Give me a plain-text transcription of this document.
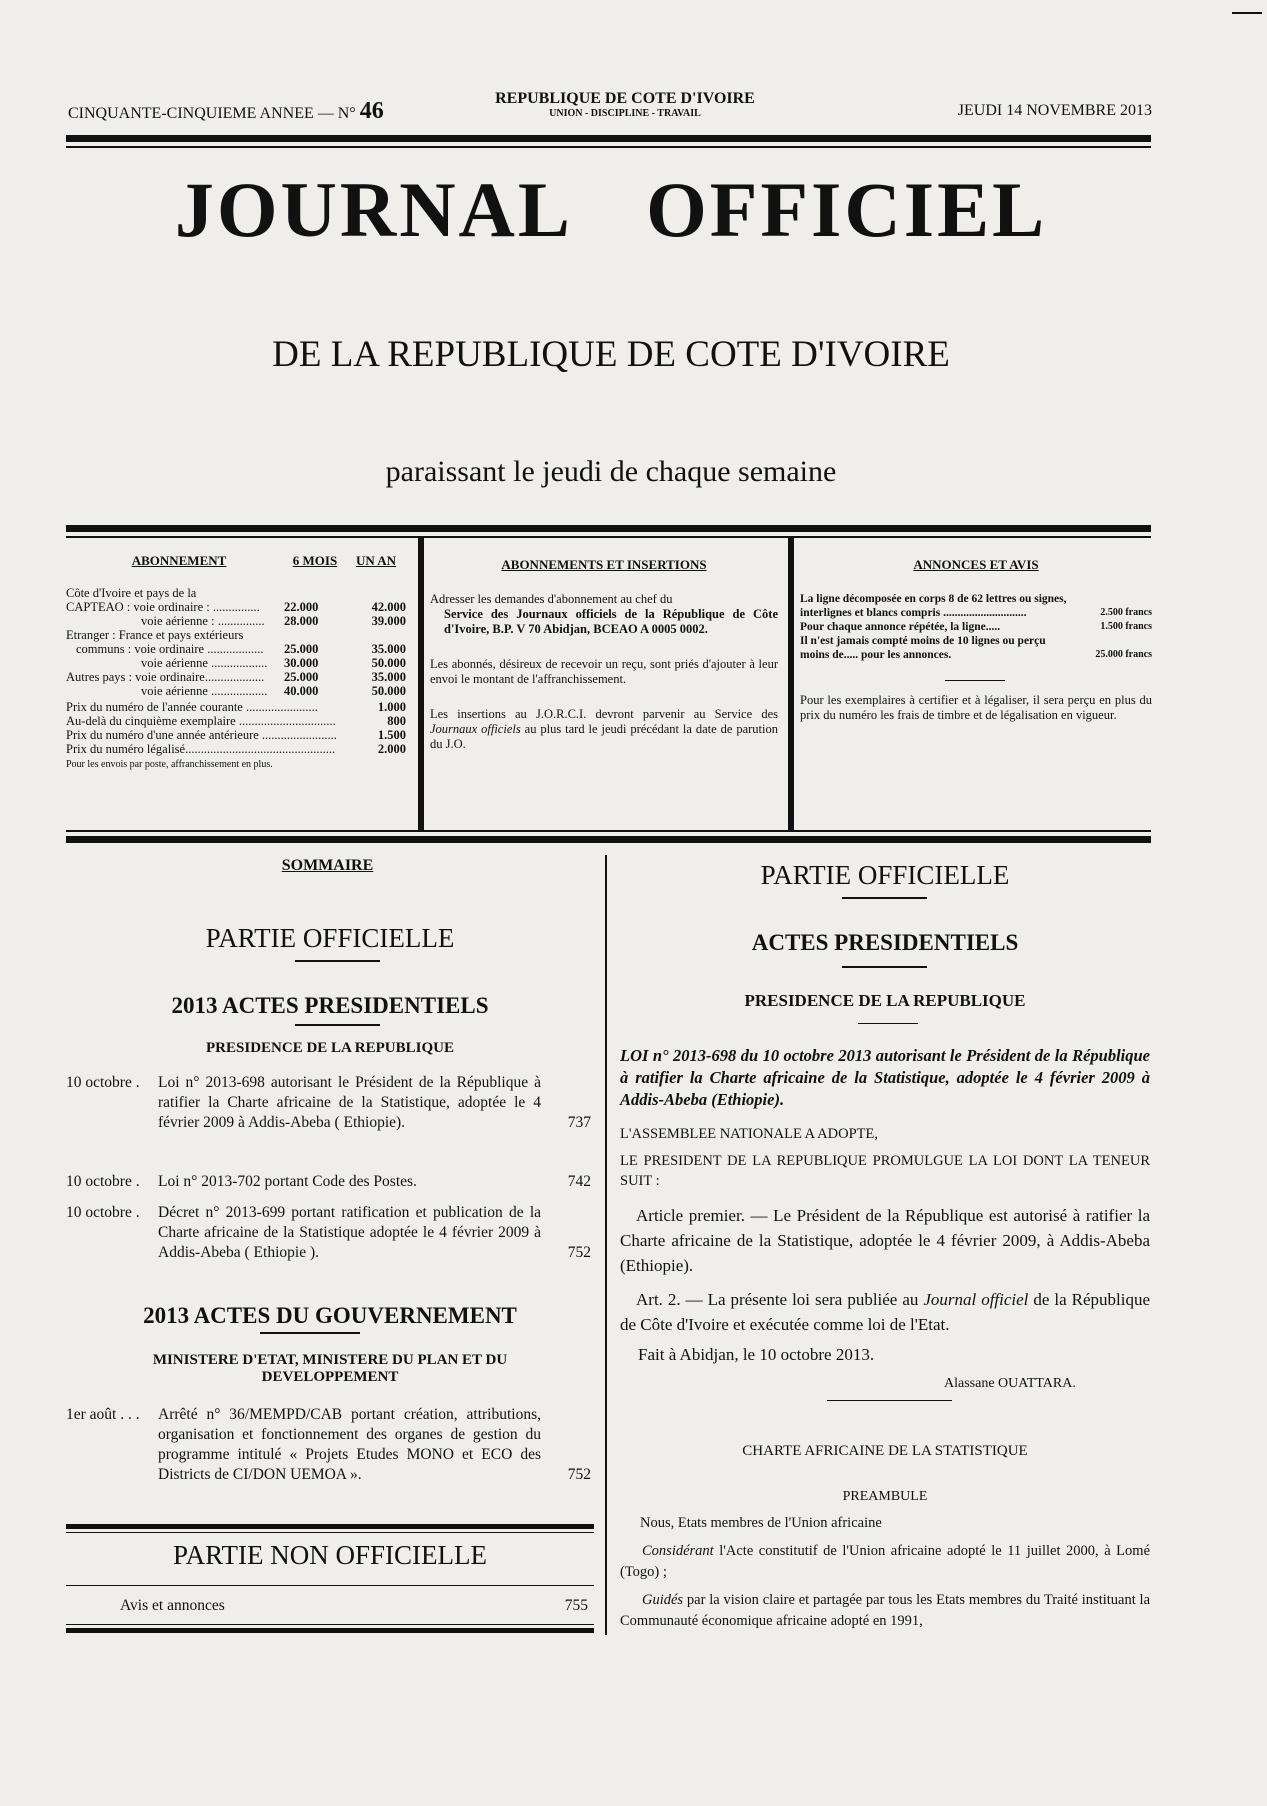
CINQUANTE-CINQUIEME ANNEE — N° 46	REPUBLIQUE DE COTE D'IVOIRE
UNION - DISCIPLINE - TRAVAIL	JEUDI 14 NOVEMBRE 2013
JOURNAL OFFICIEL
DE LA REPUBLIQUE DE COTE D'IVOIRE
paraissant le jeudi de chaque semaine
ABONNEMENT	6 MOIS	UN AN
Côte d'Ivoire et pays de la
CAPTEAO : voie ordinaire : ...............	22.000	42.000
voie aérienne : ...............	28.000	39.000
Etranger : France et pays extérieurs
communs : voie ordinaire ..................	25.000	35.000
voie aérienne ..................	30.000	50.000
Autres pays : voie ordinaire...................	25.000	35.000
voie aérienne ..................	40.000	50.000
Prix du numéro de l'année courante .......................	1.000
Au-delà du cinquième exemplaire ...............................	800
Prix du numéro d'une année antérieure ........................	1.500
Prix du numéro légalisé................................................	2.000
Pour les envois par poste, affranchissement en plus.
ABONNEMENTS ET INSERTIONS

Adresser les demandes d'abonnement au chef du
Service des Journaux officiels de la République de Côte d'Ivoire, B.P. V 70 Abidjan, BCEAO A 0005 0002.

Les abonnés, désireux de recevoir un reçu, sont priés d'ajouter à leur envoi le montant de l'affranchissement.

Les insertions au J.O.R.C.I. devront parvenir au Service des Journaux officiels au plus tard le jeudi précédant la date de parution du J.O.

ANNONCES ET AVIS
La ligne décomposée en corps 8 de 62 lettres ou signes, interlignes et blancs compris .............................	2.500 francs
Pour chaque annonce répétée, la ligne.....	1.500 francs
Il n'est jamais compté moins de 10 lignes ou perçu moins de..... pour les annonces.	25.000 francs

Pour les exemplaires à certifier et à légaliser, il sera perçu en plus du prix du numéro les frais de timbre et de légalisation en vigueur.

SOMMAIRE
PARTIE OFFICIELLE
2013 ACTES PRESIDENTIELS
PRESIDENCE DE LA REPUBLIQUE
10 octobre .	Loi n° 2013-698 autorisant le Président de la République à ratifier la Charte africaine de la Statistique, adoptée le 4 février 2009 à Addis-Abeba ( Ethiopie).	737
10 octobre .	Loi n° 2013-702 portant Code des Postes.	742
10 octobre .	Décret n° 2013-699 portant ratification et publication de la Charte africaine de la Statistique adoptée le 4 février 2009 à Addis-Abeba ( Ethiopie ).	752
2013 ACTES DU GOUVERNEMENT
MINISTERE D'ETAT, MINISTERE DU PLAN ET DU DEVELOPPEMENT
1er août . . .	Arrêté n° 36/MEMPD/CAB portant création, attributions, organisation et fonctionnement des organes de gestion du programme intitulé « Projets Etudes MONO et ECO des Districts de CI/DON UEMOA ».	752
PARTIE NON OFFICIELLE
Avis et annonces	755
PARTIE OFFICIELLE
ACTES PRESIDENTIELS
PRESIDENCE DE LA REPUBLIQUE
LOI n° 2013-698 du 10 octobre 2013 autorisant le Président de la République à ratifier la Charte africaine de la Statistique, adoptée le 4 février 2009 à Addis-Abeba (Ethiopie).
L'ASSEMBLEE NATIONALE A ADOPTE,
LE PRESIDENT DE LA REPUBLIQUE PROMULGUE LA LOI DONT LA TENEUR SUIT :
Article premier. — Le Président de la République est autorisé à ratifier la Charte africaine de la Statistique, adoptée le 4 février 2009, à Addis-Abeba (Ethiopie).
Art. 2. — La présente loi sera publiée au Journal officiel de la République de Côte d'Ivoire et exécutée comme loi de l'Etat.
Fait à Abidjan, le 10 octobre 2013.
Alassane OUATTARA.
CHARTE AFRICAINE DE LA STATISTIQUE
PREAMBULE
Nous, Etats membres de l'Union africaine
Considérant l'Acte constitutif de l'Union africaine adopté le 11 juillet 2000, à Lomé (Togo) ;
Guidés par la vision claire et partagée par tous les Etats membres du Traité instituant la Communauté économique africaine adopté en 1991,
